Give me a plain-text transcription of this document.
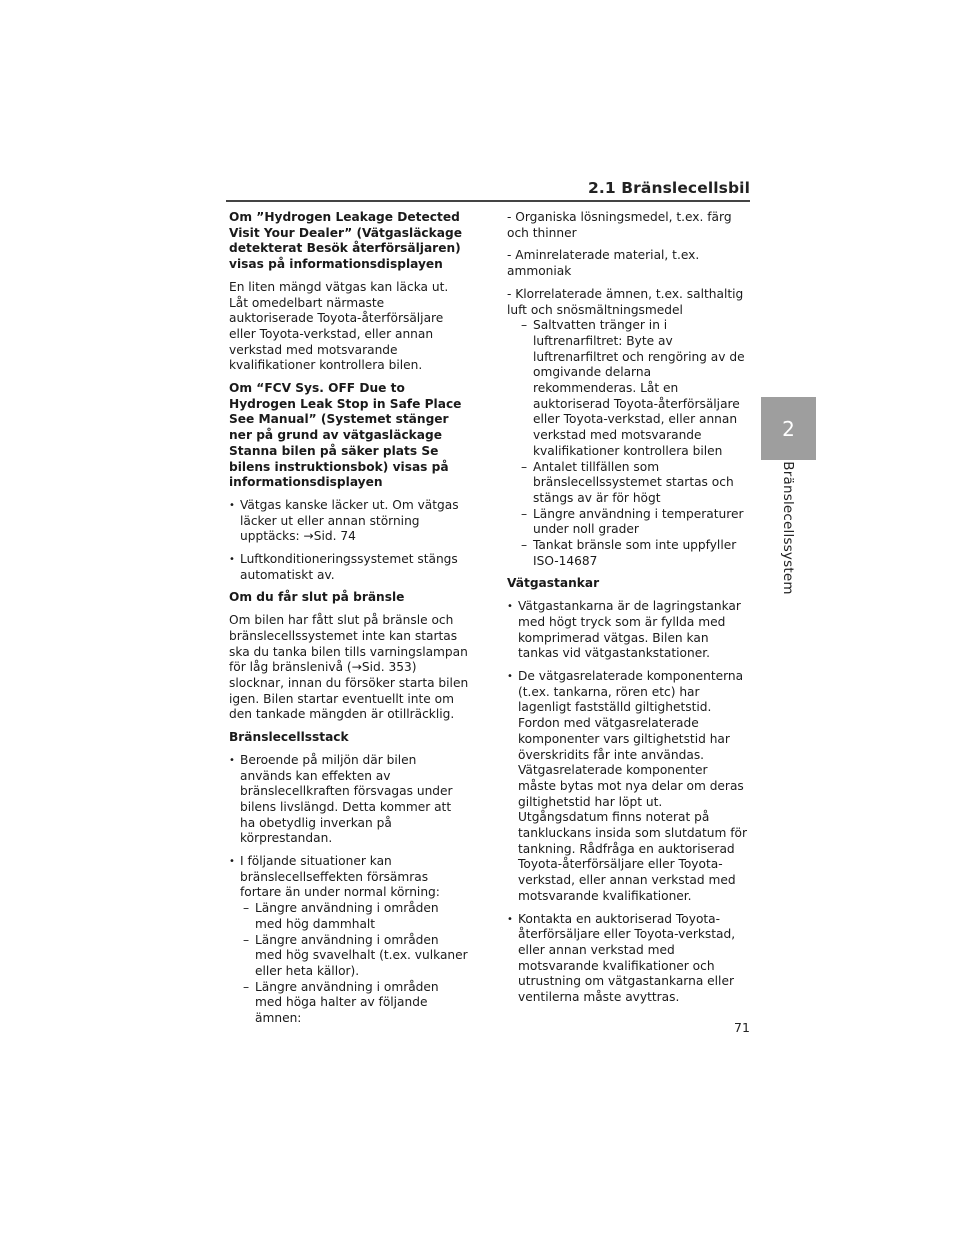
2.1 Bränslecellsbil
2
Bränslecellssystem
Om ”Hydrogen Leakage Detected Visit Your Dealer” (Vätgasläckage detekterat Besök återförsäljaren) visas på informationsdisplayen
En liten mängd vätgas kan läcka ut. Låt omedelbart närmaste auktoriserade Toyota-återförsäljare eller Toyota-verkstad, eller annan verkstad med motsvarande kvalifikationer kontrollera bilen.
Om “FCV Sys. OFF Due to Hydrogen Leak Stop in Safe Place See Manual” (Systemet stänger ner på grund av vätgasläckage Stanna bilen på säker plats Se bilens instruktionsbok) visas på informationsdisplayen
• Vätgas kanske läcker ut. Om vätgas läcker ut eller annan störning upptäcks: →Sid. 74
• Luftkonditioneringssystemet stängs automatiskt av.
Om du får slut på bränsle
Om bilen har fått slut på bränsle och bränslecellssystemet inte kan startas ska du tanka bilen tills varningslampan för låg bränslenivå (→Sid. 353) slocknar, innan du försöker starta bilen igen. Bilen startar eventuellt inte om den tankade mängden är otillräcklig.
Bränslecellsstack
• Beroende på miljön där bilen används kan effekten av bränslecellkraften försvagas under bilens livslängd. Detta kommer att ha obetydlig inverkan på körprestandan.
• I följande situationer kan bränslecellseffekten försämras fortare än under normal körning:
– Längre användning i områden med hög dammhalt
– Längre användning i områden med hög svavelhalt (t.ex. vulkaner eller heta källor).
– Längre användning i områden med höga halter av följande ämnen:
- Organiska lösningsmedel, t.ex. färg och thinner
- Aminrelaterade material, t.ex. ammoniak
- Klorrelaterade ämnen, t.ex. salthaltig luft och snösmältningsmedel
– Saltvatten tränger in i luftrenarfiltret: Byte av luftrenarfiltret och rengöring av de omgivande delarna rekommenderas. Låt en auktoriserad Toyota-återförsäljare eller Toyota-verkstad, eller annan verkstad med motsvarande kvalifikationer kontrollera bilen
– Antalet tillfällen som bränslecellssystemet startas och stängs av är för högt
– Längre användning i temperaturer under noll grader
– Tankat bränsle som inte uppfyller ISO-14687
Vätgastankar
• Vätgastankarna är de lagringstankar med högt tryck som är fyllda med komprimerad vätgas. Bilen kan tankas vid vätgastankstationer.
• De vätgasrelaterade komponenterna (t.ex. tankarna, rören etc) har lagenligt fastställd giltighetstid. Fordon med vätgasrelaterade komponenter vars giltighetstid har överskridits får inte användas.
Vätgasrelaterade komponenter måste bytas mot nya delar om deras giltighetstid har löpt ut.
Utgångsdatum finns noterat på tankluckans insida som slutdatum för tankning. Rådfråga en auktoriserad Toyota-återförsäljare eller Toyota-verkstad, eller annan verkstad med motsvarande kvalifikationer.
• Kontakta en auktoriserad Toyota-återförsäljare eller Toyota-verkstad, eller annan verkstad med motsvarande kvalifikationer och utrustning om vätgastankarna eller ventilerna måste avyttras.
71
